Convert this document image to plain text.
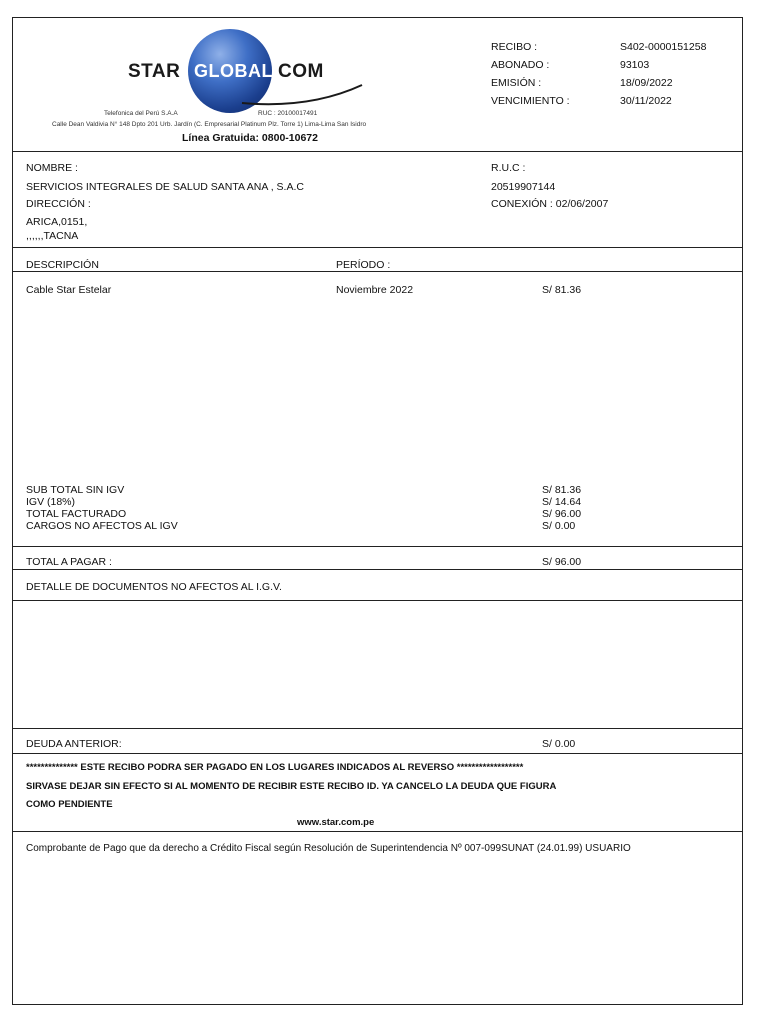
STAR GLOBAL COM
Telefonica del Perú S.A.A	RUC : 20100017491
Calle Dean Valdivia N° 148 Dpto 201 Urb. Jardín (C. Empresarial Platinum Plz. Torre 1) Lima-Lima San Isidro
Línea Gratuida: 0800-10672
RECIBO :	S402-0000151258
ABONADO :	93103
EMISIÓN :	18/09/2022
VENCIMIENTO :	30/11/2022
NOMBRE :
SERVICIOS INTEGRALES DE SALUD SANTA ANA , S.A.C
DIRECCIÓN :
ARICA,0151,
,,,,,,TACNA
R.U.C :
20519907144
CONEXIÓN : 02/06/2007
DESCRIPCIÓN	PERÍODO :
Cable Star Estelar	Noviembre 2022	S/ 81.36
SUB TOTAL SIN IGV	S/ 81.36
IGV (18%)	S/ 14.64
TOTAL FACTURADO	S/ 96.00
CARGOS NO AFECTOS AL IGV	S/ 0.00
TOTAL A PAGAR :	S/ 96.00
DETALLE DE DOCUMENTOS NO AFECTOS AL I.G.V.
DEUDA ANTERIOR:	S/ 0.00
************** ESTE RECIBO PODRA SER PAGADO EN LOS LUGARES INDICADOS AL REVERSO ******************
SIRVASE DEJAR SIN EFECTO SI AL MOMENTO DE RECIBIR ESTE RECIBO ID. YA CANCELO LA DEUDA QUE FIGURA
COMO PENDIENTE
www.star.com.pe
Comprobante de Pago que da derecho a Crédito Fiscal según Resolución de Superintendencia Nº 007-099SUNAT (24.01.99) USUARIO
